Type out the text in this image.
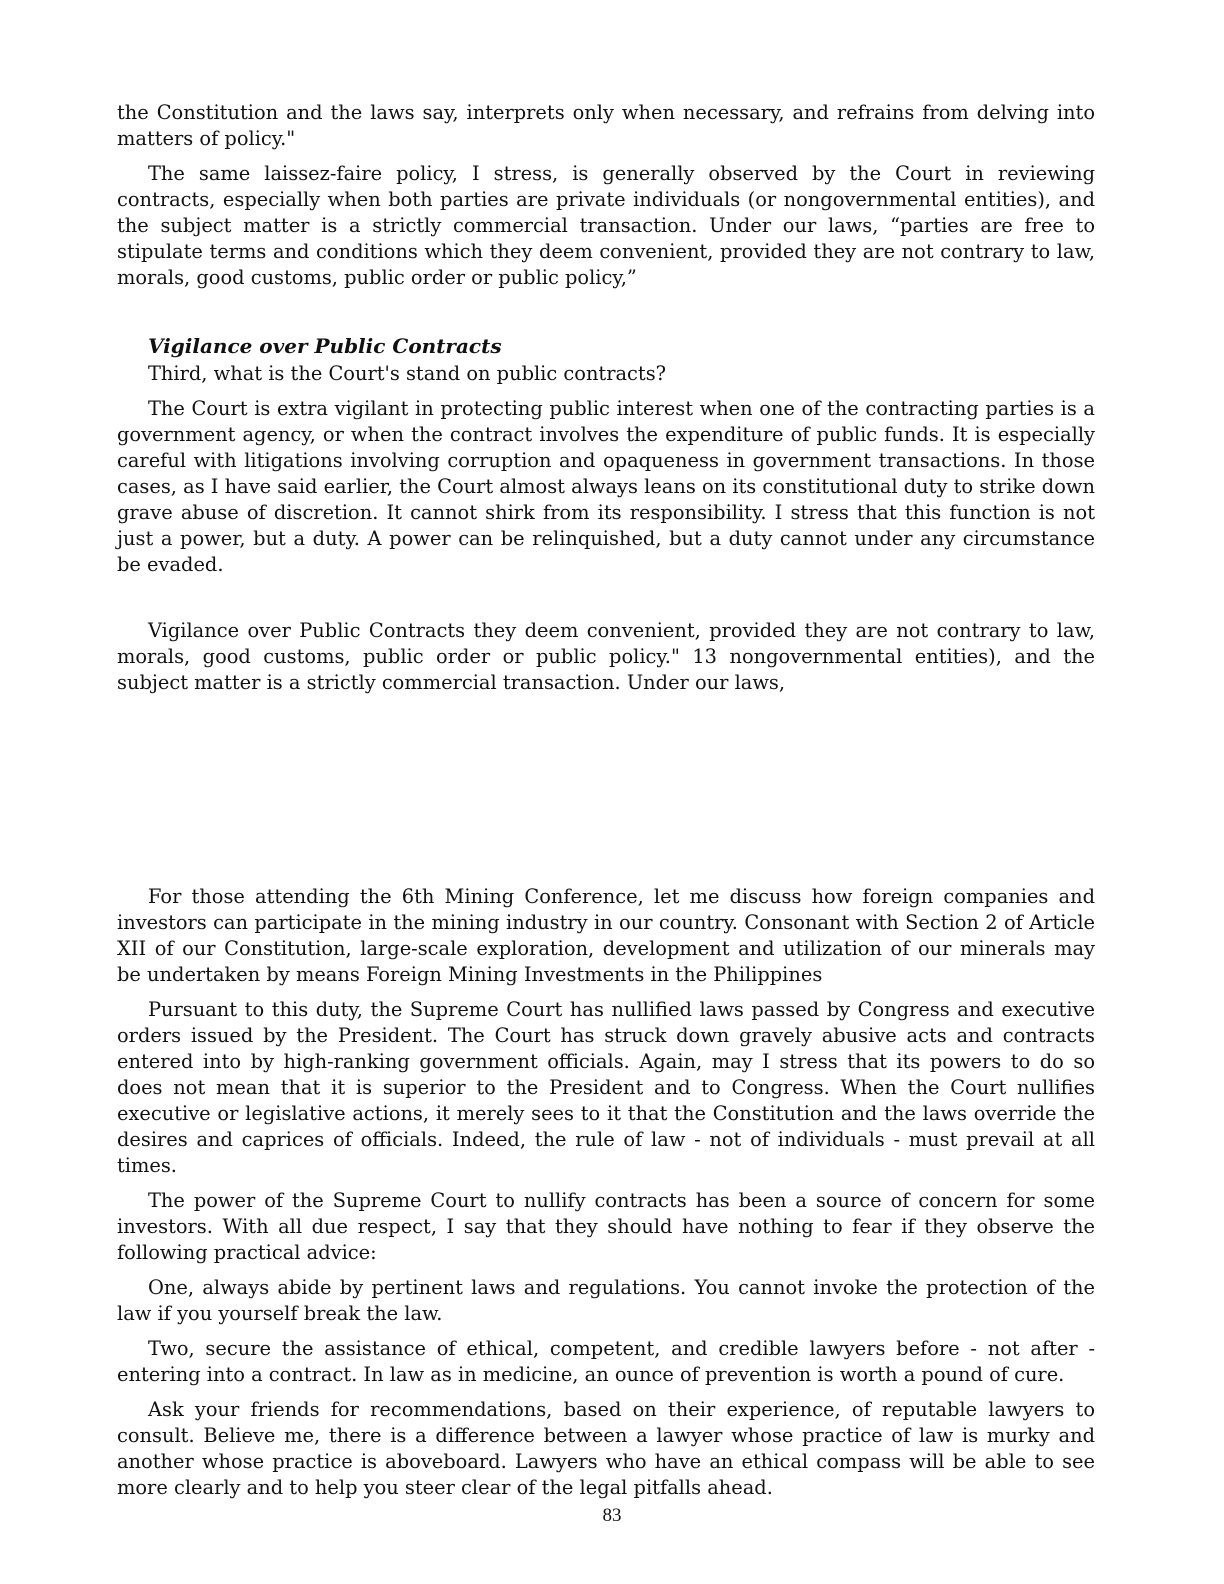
the Constitution and the laws say, interprets only when necessary, and refrains from delving into matters of policy."

The same laissez-faire policy, I stress, is generally observed by the Court in reviewing contracts, especially when both parties are private individuals (or nongovernmental entities), and the subject matter is a strictly commercial transaction. Under our laws, “parties are free to stipulate terms and conditions which they deem convenient, provided they are not contrary to law, morals, good customs, public order or public policy,”

Vigilance over Public Contracts

Third, what is the Court's stand on public contracts?

The Court is extra vigilant in protecting public interest when one of the contracting parties is a government agency, or when the contract involves the expenditure of public funds. It is especially careful with litigations involving corruption and opaqueness in government transactions. In those cases, as I have said earlier, the Court almost always leans on its constitutional duty to strike down grave abuse of discretion. It cannot shirk from its responsibility. I stress that this function is not just a power, but a duty. A power can be relinquished, but a duty cannot under any circumstance be evaded.

Vigilance over Public Contracts they deem convenient, provided they are not contrary to law, morals, good customs, public order or public policy." 13 nongovernmental entities), and the subject matter is a strictly commercial transaction. Under our laws,

For those attending the 6th Mining Conference, let me discuss how foreign companies and investors can participate in the mining industry in our country. Consonant with Section 2 of Article XII of our Constitution, large-scale exploration, development and utilization of our minerals may be undertaken by means Foreign Mining Investments in the Philippines

Pursuant to this duty, the Supreme Court has nullified laws passed by Congress and executive orders issued by the President. The Court has struck down gravely abusive acts and contracts entered into by high-ranking government officials. Again, may I stress that its powers to do so does not mean that it is superior to the President and to Congress. When the Court nullifies executive or legislative actions, it merely sees to it that the Constitution and the laws override the desires and caprices of officials. Indeed, the rule of law - not of individuals - must prevail at all times.

The power of the Supreme Court to nullify contracts has been a source of concern for some investors. With all due respect, I say that they should have nothing to fear if they observe the following practical advice:

One, always abide by pertinent laws and regulations. You cannot invoke the protection of the law if you yourself break the law.

Two, secure the assistance of ethical, competent, and credible lawyers before - not after - entering into a contract. In law as in medicine, an ounce of prevention is worth a pound of cure.

Ask your friends for recommendations, based on their experience, of reputable lawyers to consult. Believe me, there is a difference between a lawyer whose practice of law is murky and another whose practice is aboveboard. Lawyers who have an ethical compass will be able to see more clearly and to help you steer clear of the legal pitfalls ahead.

83
